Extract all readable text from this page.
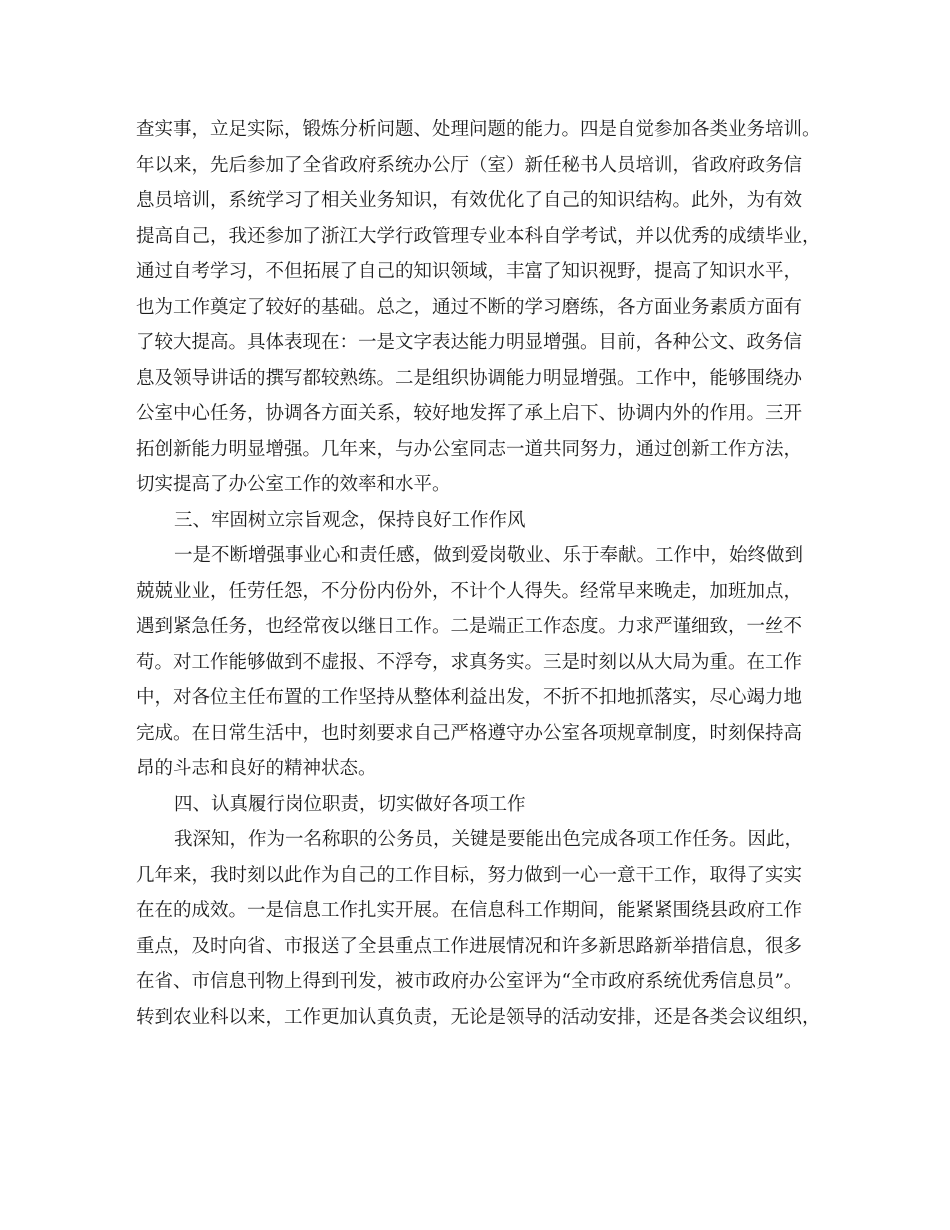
查实事，立足实际，锻炼分析问题、处理问题的能力。四是自觉参加各类业务培训。
年以来，先后参加了全省政府系统办公厅（室）新任秘书人员培训，省政府政务信
息员培训，系统学习了相关业务知识，有效优化了自己的知识结构。此外，为有效
提高自己，我还参加了浙江大学行政管理专业本科自学考试，并以优秀的成绩毕业，
通过自考学习，不但拓展了自己的知识领域，丰富了知识视野，提高了知识水平，
也为工作奠定了较好的基础。总之，通过不断的学习磨练，各方面业务素质方面有
了较大提高。具体表现在：一是文字表达能力明显增强。目前，各种公文、政务信
息及领导讲话的撰写都较熟练。二是组织协调能力明显增强。工作中，能够围绕办
公室中心任务，协调各方面关系，较好地发挥了承上启下、协调内外的作用。三开
拓创新能力明显增强。几年来，与办公室同志一道共同努力，通过创新工作方法，
切实提高了办公室工作的效率和水平。
三、牢固树立宗旨观念，保持良好工作作风
一是不断增强事业心和责任感，做到爱岗敬业、乐于奉献。工作中，始终做到
兢兢业业，任劳任怨，不分份内份外，不计个人得失。经常早来晚走，加班加点，
遇到紧急任务，也经常夜以继日工作。二是端正工作态度。力求严谨细致，一丝不
苟。对工作能够做到不虚报、不浮夸，求真务实。三是时刻以从大局为重。在工作
中，对各位主任布置的工作坚持从整体利益出发，不折不扣地抓落实，尽心竭力地
完成。在日常生活中，也时刻要求自己严格遵守办公室各项规章制度，时刻保持高
昂的斗志和良好的精神状态。
四、认真履行岗位职责，切实做好各项工作
我深知，作为一名称职的公务员，关键是要能出色完成各项工作任务。因此，
几年来，我时刻以此作为自己的工作目标，努力做到一心一意干工作，取得了实实
在在的成效。一是信息工作扎实开展。在信息科工作期间，能紧紧围绕县政府工作
重点，及时向省、市报送了全县重点工作进展情况和许多新思路新举措信息，很多
在省、市信息刊物上得到刊发，被市政府办公室评为“全市政府系统优秀信息员”。
转到农业科以来，工作更加认真负责，无论是领导的活动安排，还是各类会议组织，
